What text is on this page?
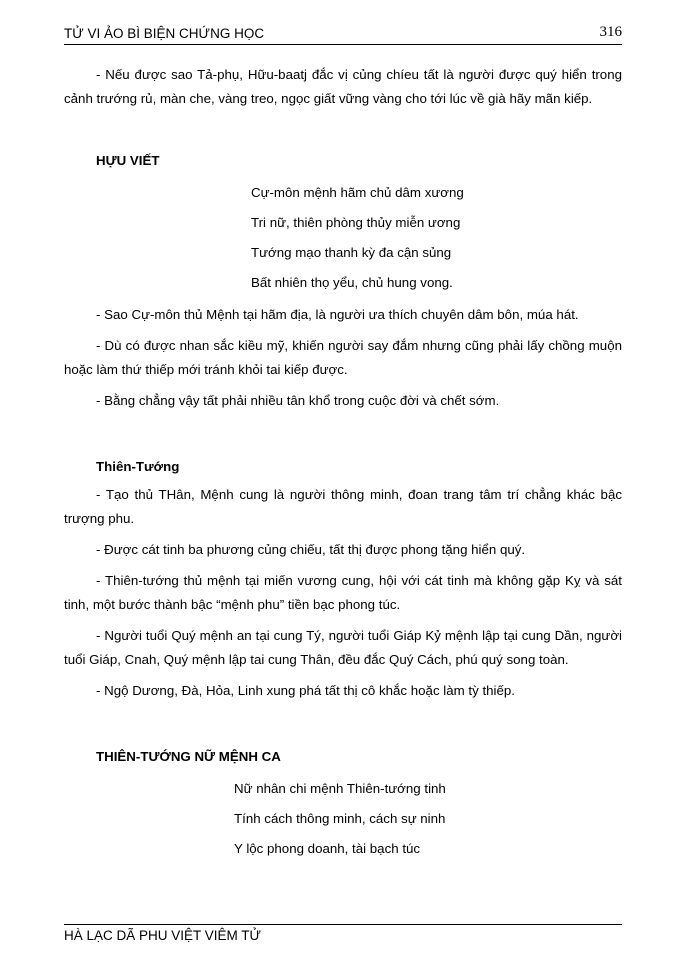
TỬ VI ẢO BÌ BIỆN CHỨNG HỌC	316

- Nếu được sao Tả-phụ, Hữu-baatj đắc vị củng chíeu tất là người được quý hiển trong cảnh trướng rủ, màn che, vàng treo, ngọc giất vững vàng cho tới lúc về già hãy mãn kiếp.

HỰU VIẾT
Cự-môn mệnh hãm chủ dâm xương
Tri nữ, thiên phòng thủy miễn ương
Tướng mạo thanh kỳ đa cận sủng
Bất nhiên thọ yểu, chủ hung vong.

- Sao Cự-môn thủ Mệnh tại hãm địa, là người ưa thích chuyên dâm bôn, múa hát.

- Dù có được nhan sắc kiều mỹ, khiến người say đắm nhưng cũng phải lấy chồng muộn hoặc làm thứ thiếp mới tránh khỏi tai kiếp được.

- Bằng chẳng vậy tất phải nhiều tân khổ trong cuộc đời và chết sớm.

Thiên-Tướng

- Tạo thủ THân, Mệnh cung là người thông minh, đoan trang tâm trí chẳng khác bậc trượng phu.

- Được cát tinh ba phương củng chiếu, tất thị được phong tặng hiển quý.

- Thiên-tướng thủ mệnh tại miến vương cung, hội với cát tinh mà không gặp Kỵ và sát tinh, một bước thành bậc “mệnh phu” tiền bạc phong túc.

- Người tuổi Quý mệnh an tại cung Tý, người tuổi Giáp Kỷ mệnh lập tại cung Dần, người tuổi Giáp, Cnah, Quý mệnh lập tai cung Thân, đều đắc Quý Cách, phú quý song toàn.

- Ngộ Dương, Đà, Hỏa, Linh xung phá tất thị cô khắc hoặc làm tỳ thiếp.

THIÊN-TƯỚNG NỮ MỆNH CA
Nữ nhân chi mệnh Thiên-tướng tinh
Tính cách thông minh, cách sự ninh
Y lộc phong doanh, tài bạch túc
HÀ LẠC DÃ PHU VIỆT VIÊM TỬ
